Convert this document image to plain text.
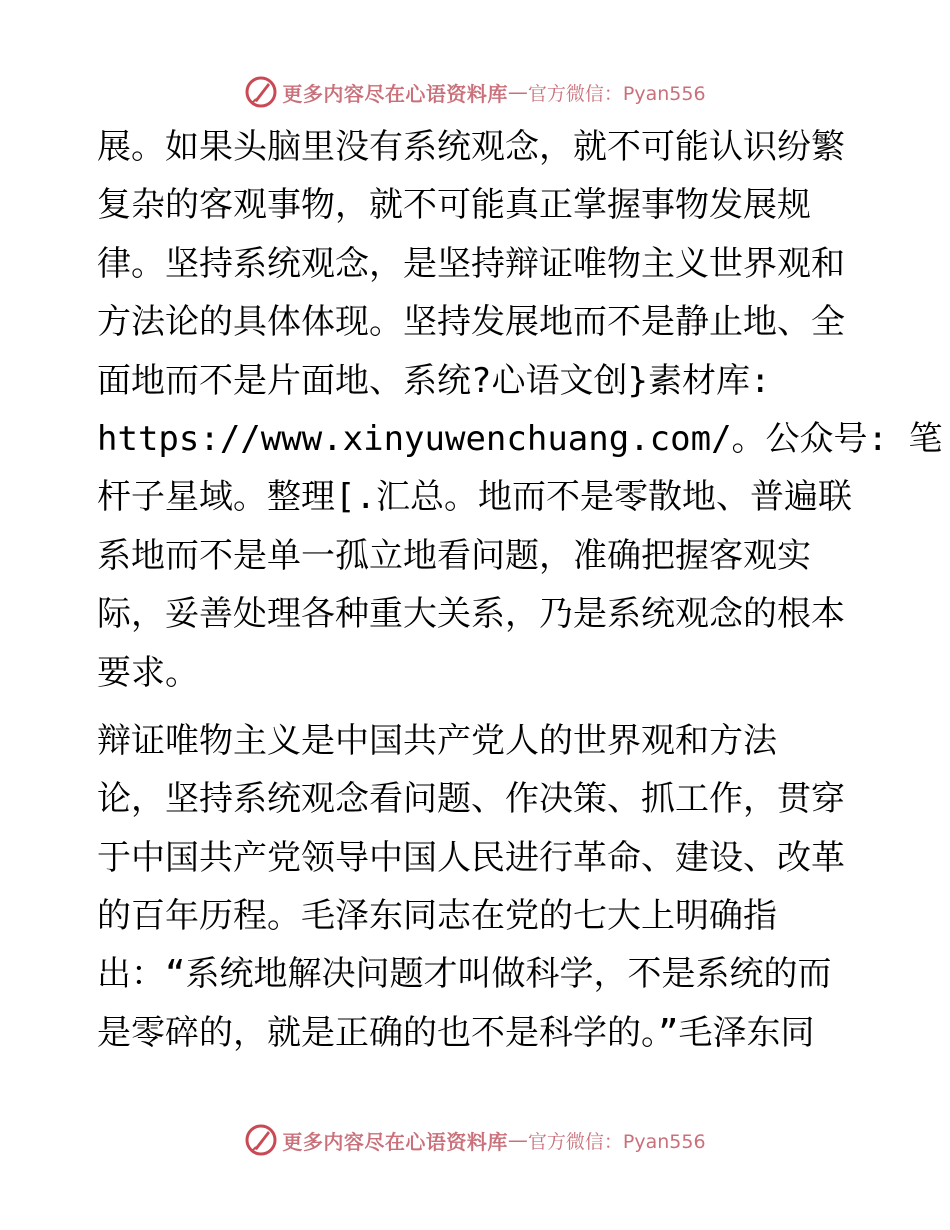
更多内容尽在心语资料库 — 官方微信：Pyan556
展。如果头脑里没有系统观念，就不可能认识纷繁
复杂的客观事物，就不可能真正掌握事物发展规
律。坚持系统观念，是坚持辩证唯物主义世界观和
方法论的具体体现。坚持发展地而不是静止地、全
面地而不是片面地、系统?心语文创}素材库:
https://www.xinyuwenchuang.com/。公众号: 笔
杆子星域。整理[.汇总。地而不是零散地、普遍联
系地而不是单一孤立地看问题，准确把握客观实
际，妥善处理各种重大关系，乃是系统观念的根本
要求。
辩证唯物主义是中国共产党人的世界观和方法
论，坚持系统观念看问题、作决策、抓工作，贯穿
于中国共产党领导中国人民进行革命、建设、改革
的百年历程。毛泽东同志在党的七大上明确指
出：“系统地解决问题才叫做科学，不是系统的而
是零碎的，就是正确的也不是科学的。”毛泽东同
更多内容尽在心语资料库 — 官方微信：Pyan556
